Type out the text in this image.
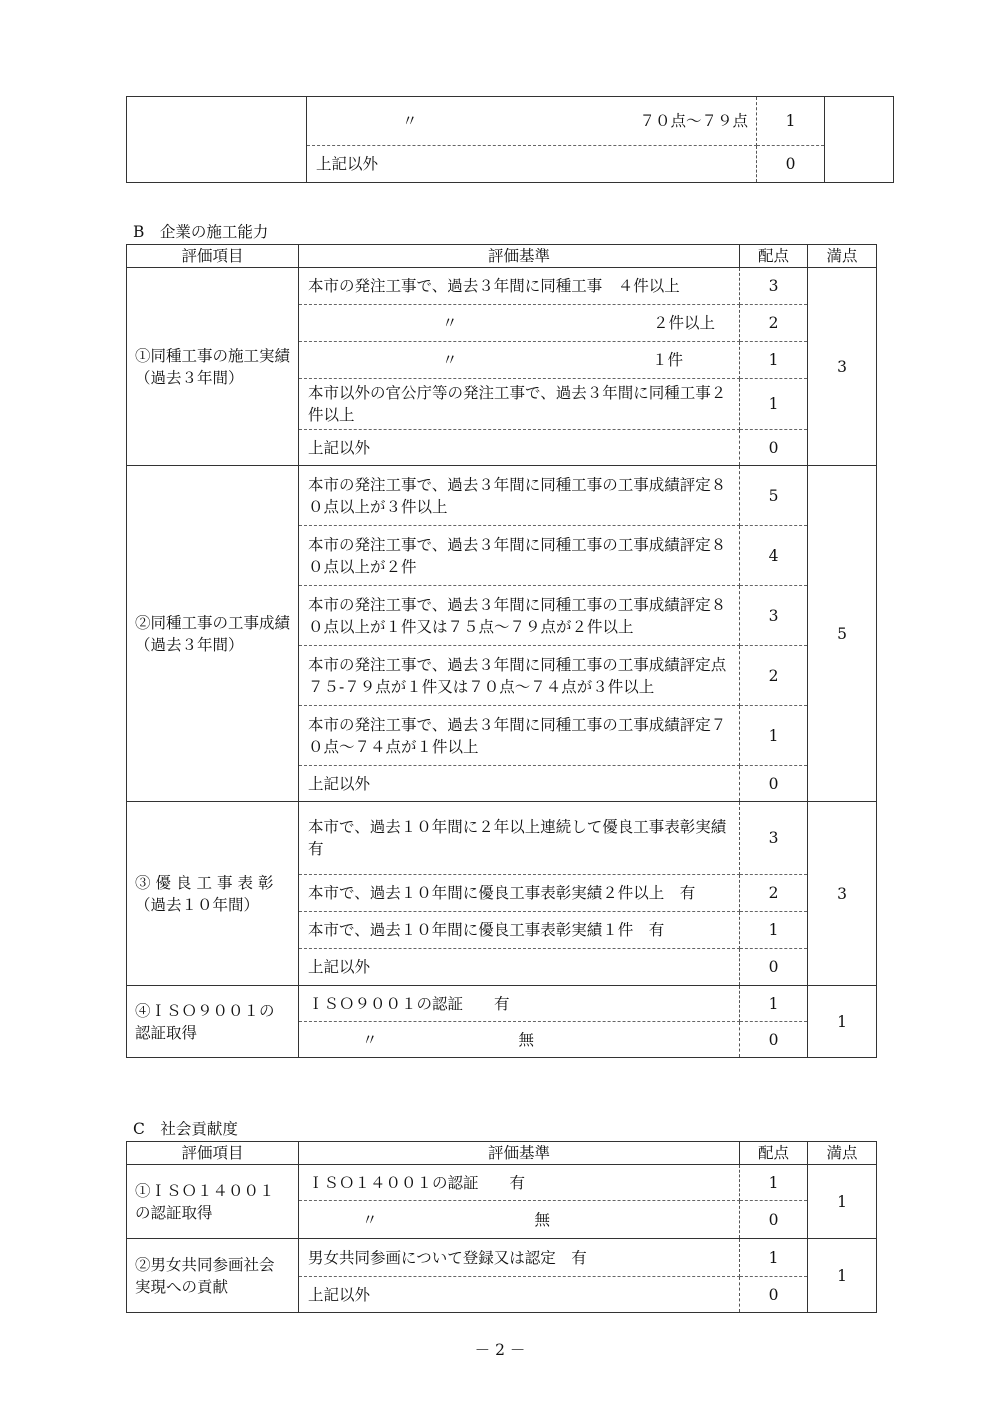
	〃 ７０点～７９点	1	
	上記以外	0	
B　企業の施工能力
評価項目	評価基準	配点	満点

①同種工事の施工実績
（過去３年間）	本市の発注工事で、過去３年間に同種工事　４件以上	3	3
	〃 ２件以上	2	
	〃 １件	1	
	本市以外の官公庁等の発注工事で、過去３年間に同種工事２件以上	1	
	上記以外	0	

②同種工事の工事成績
（過去３年間）	本市の発注工事で、過去３年間に同種工事の工事成績評定８０点以上が３件以上	5	5
	本市の発注工事で、過去３年間に同種工事の工事成績評定８０点以上が２件	4	
	本市の発注工事で、過去３年間に同種工事の工事成績評定８０点以上が１件又は７５点～７９点が２件以上	3	
	本市の発注工事で、過去３年間に同種工事の工事成績評定点７５-７９点が１件又は７０点～７４点が３件以上	2	
	本市の発注工事で、過去３年間に同種工事の工事成績評定７０点～７４点が１件以上	1	
	上記以外	0	

③優良工事表彰
（過去１０年間）	本市で、過去１０年間に２年以上連続して優良工事表彰実績　有	3	3
	本市で、過去１０年間に優良工事表彰実績２件以上　有	2	
	本市で、過去１０年間に優良工事表彰実績１件　有	1	
	上記以外	0	

④ＩＳＯ９００１の
認証取得	ＩＳＯ９００１の認証　　有	1	1
	〃 無	0	
C　社会貢献度
評価項目	評価基準	配点	満点

①ＩＳＯ１４００１
の認証取得	ＩＳＯ１４００１の認証　　有	1	1
	〃 無	0	

②男女共同参画社会
実現への貢献	男女共同参画について登録又は認定　有	1	1
	上記以外	0	
－ 2 －
